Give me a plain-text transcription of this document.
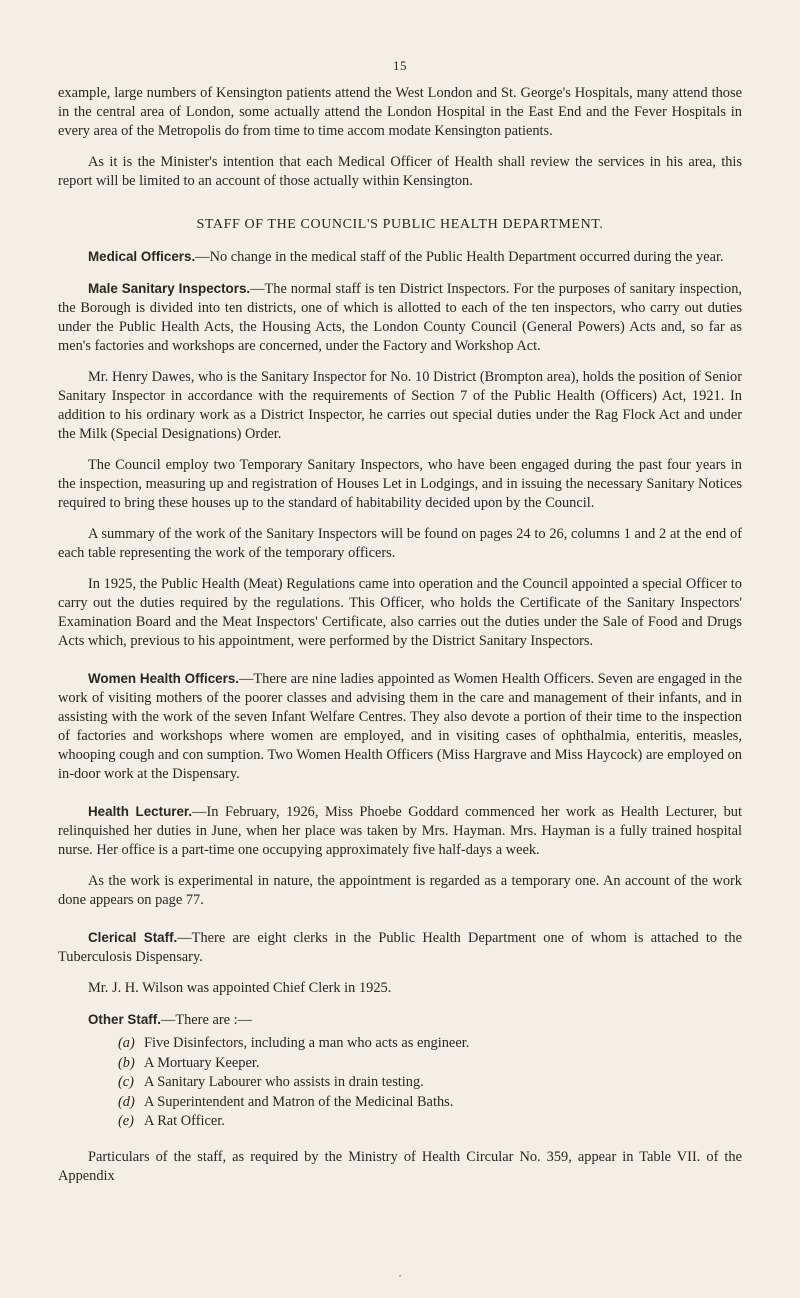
15

example, large numbers of Kensington patients attend the West London and St. George's Hospitals, many attend those in the central area of London, some actually attend the London Hospital in the East End and the Fever Hospitals in every area of the Metropolis do from time to time accom modate Kensington patients.

As it is the Minister's intention that each Medical Officer of Health shall review the services in his area, this report will be limited to an account of those actually within Kensington.

STAFF OF THE COUNCIL'S PUBLIC HEALTH DEPARTMENT.

Medical Officers.—No change in the medical staff of the Public Health Department occurred during the year.

Male Sanitary Inspectors.—The normal staff is ten District Inspectors. For the purposes of sanitary inspection, the Borough is divided into ten districts, one of which is allotted to each of the ten inspectors, who carry out duties under the Public Health Acts, the Housing Acts, the London County Council (General Powers) Acts and, so far as men's factories and workshops are concerned, under the Factory and Workshop Act.

Mr. Henry Dawes, who is the Sanitary Inspector for No. 10 District (Brompton area), holds the position of Senior Sanitary Inspector in accordance with the requirements of Section 7 of the Public Health (Officers) Act, 1921. In addition to his ordinary work as a District Inspector, he carries out special duties under the Rag Flock Act and under the Milk (Special Designations) Order.

The Council employ two Temporary Sanitary Inspectors, who have been engaged during the past four years in the inspection, measuring up and registration of Houses Let in Lodgings, and in issuing the necessary Sanitary Notices required to bring these houses up to the standard of habitability decided upon by the Council.

A summary of the work of the Sanitary Inspectors will be found on pages 24 to 26, columns 1 and 2 at the end of each table representing the work of the temporary officers.

In 1925, the Public Health (Meat) Regulations came into operation and the Council appointed a special Officer to carry out the duties required by the regulations. This Officer, who holds the Certificate of the Sanitary Inspectors' Examination Board and the Meat Inspectors' Certificate, also carries out the duties under the Sale of Food and Drugs Acts which, previous to his appointment, were performed by the District Sanitary Inspectors.

Women Health Officers.—There are nine ladies appointed as Women Health Officers. Seven are engaged in the work of visiting mothers of the poorer classes and advising them in the care and management of their infants, and in assisting with the work of the seven Infant Welfare Centres. They also devote a portion of their time to the inspection of factories and workshops where women are employed, and in visiting cases of ophthalmia, enteritis, measles, whooping cough and con sumption. Two Women Health Officers (Miss Hargrave and Miss Haycock) are employed on in-door work at the Dispensary.

Health Lecturer.—In February, 1926, Miss Phoebe Goddard commenced her work as Health Lecturer, but relinquished her duties in June, when her place was taken by Mrs. Hayman. Mrs. Hayman is a fully trained hospital nurse. Her office is a part-time one occupying approximately five half-days a week.

As the work is experimental in nature, the appointment is regarded as a temporary one. An account of the work done appears on page 77.

Clerical Staff.—There are eight clerks in the Public Health Department one of whom is attached to the Tuberculosis Dispensary.

Mr. J. H. Wilson was appointed Chief Clerk in 1925.

Other Staff.—There are :—

(a) Five Disinfectors, including a man who acts as engineer.
(b) A Mortuary Keeper.
(c) A Sanitary Labourer who assists in drain testing.
(d) A Superintendent and Matron of the Medicinal Baths.
(e) A Rat Officer.

Particulars of the staff, as required by the Ministry of Health Circular No. 359, appear in Table VII. of the Appendix

•
